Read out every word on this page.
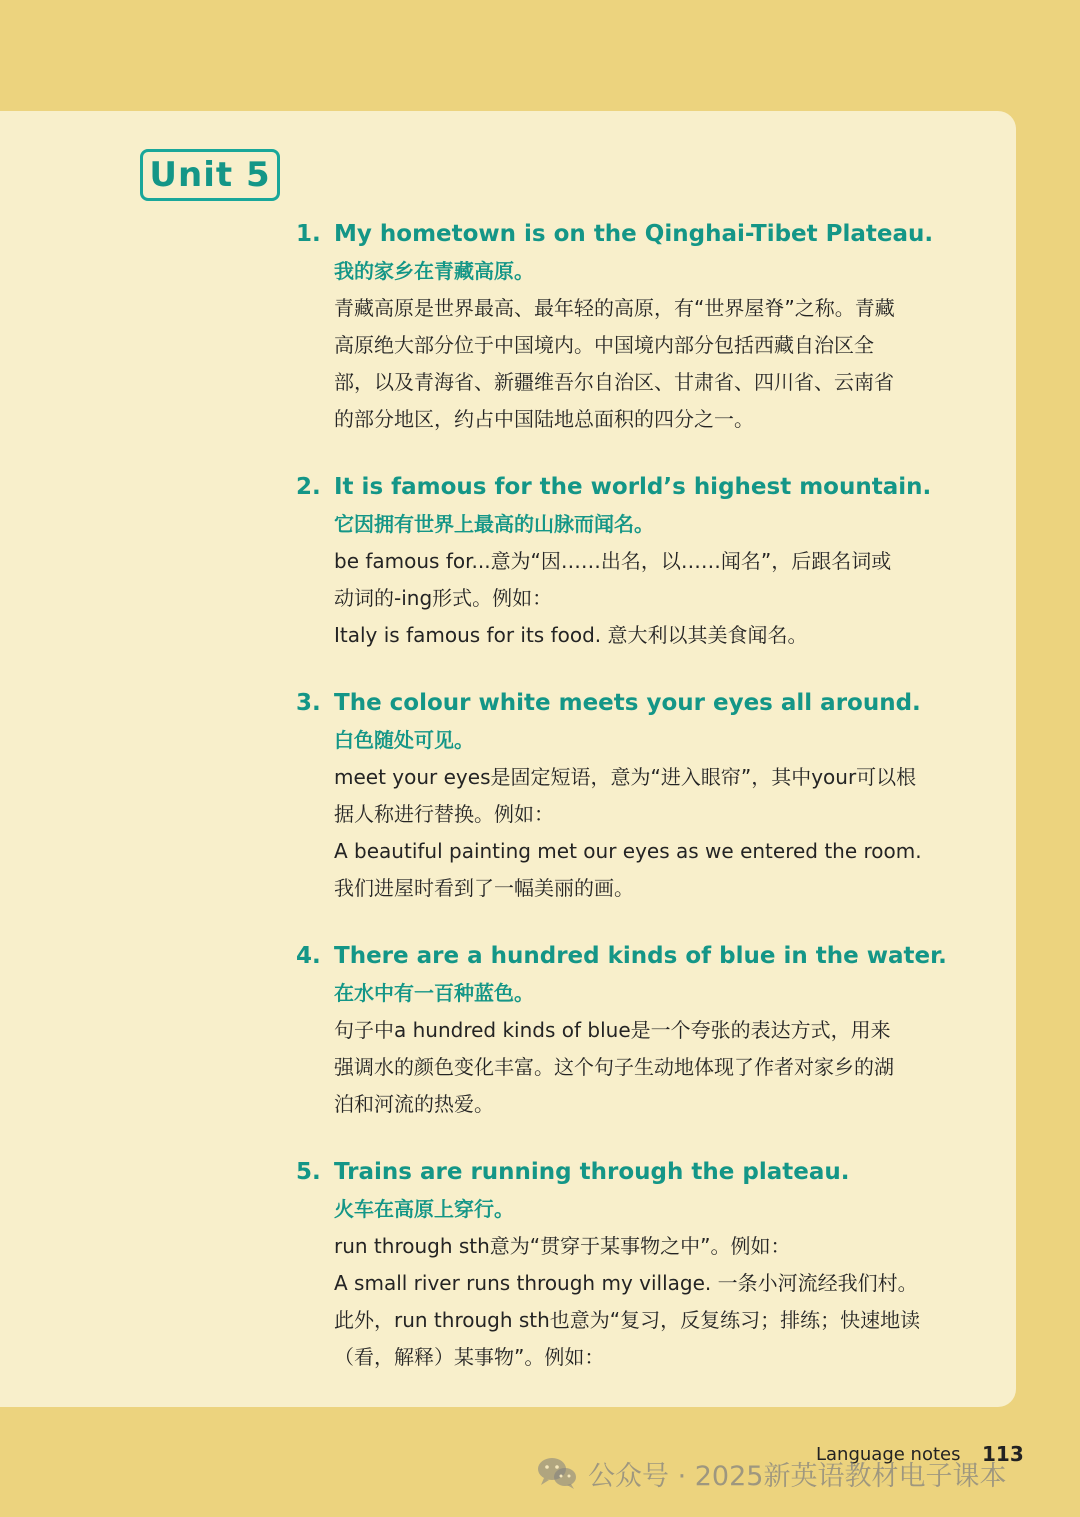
Unit 5
1. My hometown is on the Qinghai-Tibet Plateau.
我的家乡在青藏高原。
青藏高原是世界最高、最年轻的高原，有“世界屋脊”之称。青藏
高原绝大部分位于中国境内。中国境内部分包括西藏自治区全
部，以及青海省、新疆维吾尔自治区、甘肃省、四川省、云南省
的部分地区，约占中国陆地总面积的四分之一。
2. It is famous for the world’s highest mountain.
它因拥有世界上最高的山脉而闻名。
be famous for...意为“因……出名，以……闻名”，后跟名词或
动词的-ing形式。例如：
Italy is famous for its food. 意大利以其美食闻名。
3. The colour white meets your eyes all around.
白色随处可见。
meet your eyes是固定短语，意为“进入眼帘”，其中your可以根
据人称进行替换。例如：
A beautiful painting met our eyes as we entered the room.
我们进屋时看到了一幅美丽的画。
4. There are a hundred kinds of blue in the water.
在水中有一百种蓝色。
句子中a hundred kinds of blue是一个夸张的表达方式，用来
强调水的颜色变化丰富。这个句子生动地体现了作者对家乡的湖
泊和河流的热爱。
5. Trains are running through the plateau.
火车在高原上穿行。
run through sth意为“贯穿于某事物之中”。例如：
A small river runs through my village. 一条小河流经我们村。
此外，run through sth也意为“复习，反复练习；排练；快速地读
（看，解释）某事物”。例如：
Language notes 113
公众号 · 2025新英语教材电子课本
